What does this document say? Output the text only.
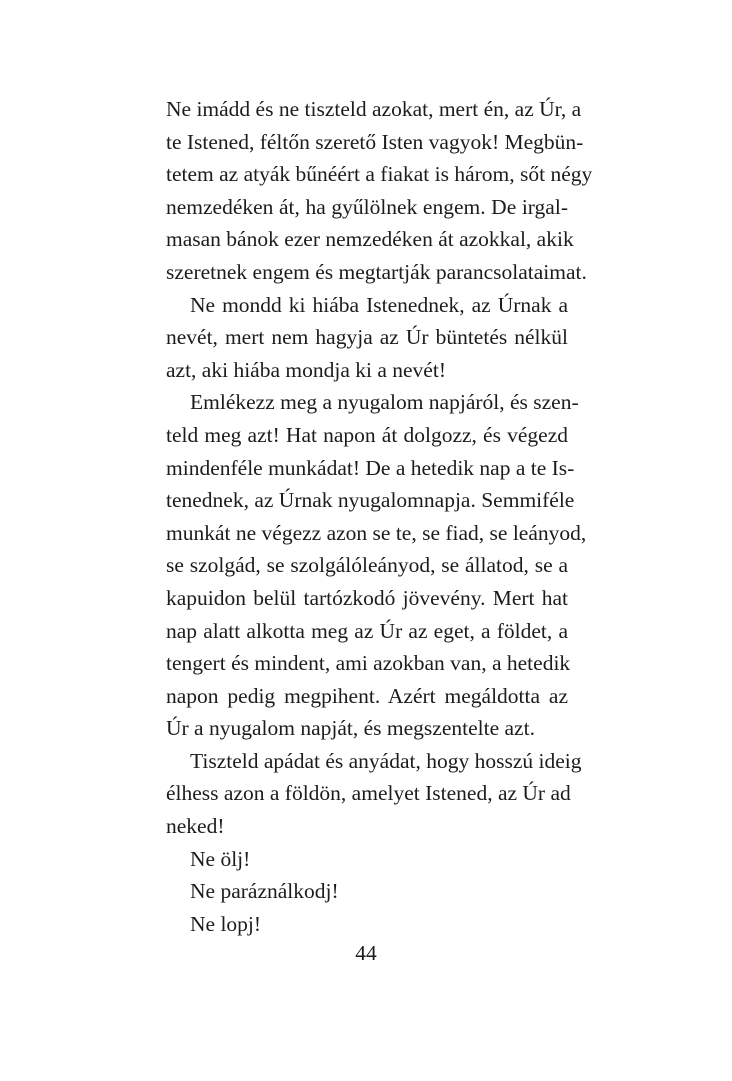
Ne imádd és ne tiszteld azokat, mert én, az Úr, a
te Istened, féltőn szerető Isten vagyok! Megbün-
tetem az atyák bűnéért a fiakat is három, sőt négy
nemzedéken át, ha gyűlölnek engem. De irgal-
masan bánok ezer nemzedéken át azokkal, akik
szeretnek engem és megtartják parancsolataimat.
Ne mondd ki hiába Istenednek, az Úrnak a
nevét, mert nem hagyja az Úr büntetés nélkül
azt, aki hiába mondja ki a nevét!
Emlékezz meg a nyugalom napjáról, és szen-
teld meg azt! Hat napon át dolgozz, és végezd
mindenféle munkádat! De a hetedik nap a te Is-
tenednek, az Úrnak nyugalomnapja. Semmiféle
munkát ne végezz azon se te, se fiad, se leányod,
se szolgád, se szolgálóleányod, se állatod, se a
kapuidon belül tartózkodó jövevény. Mert hat
nap alatt alkotta meg az Úr az eget, a földet, a
tengert és mindent, ami azokban van, a hetedik
napon pedig megpihent. Azért megáldotta az
Úr a nyugalom napját, és megszentelte azt.
Tiszteld apádat és anyádat, hogy hosszú ideig
élhess azon a földön, amelyet Istened, az Úr ad
neked!
Ne ölj!
Ne paráználkodj!
Ne lopj!
44
